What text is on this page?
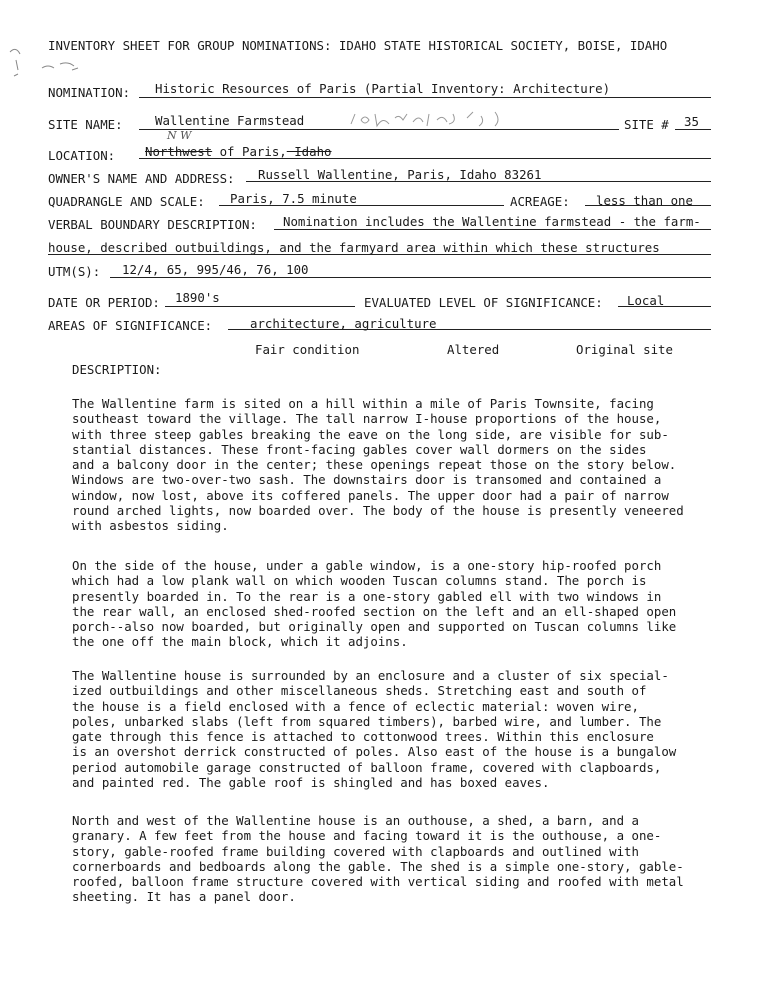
INVENTORY SHEET FOR GROUP NOMINATIONS: IDAHO STATE HISTORICAL SOCIETY, BOISE, IDAHO
NOMINATION: Historic Resources of Paris (Partial Inventory: Architecture)
SITE NAME:	Wallentine Farmstead	SITE # 35
N W
LOCATION: Northwest of Paris, Idaho
OWNER'S NAME AND ADDRESS: Russell Wallentine, Paris, Idaho 83261
QUADRANGLE AND SCALE: Paris, 7.5 minute	ACREAGE: less than one
VERBAL BOUNDARY DESCRIPTION: Nomination includes the Wallentine farmstead - the farm-
house, described outbuildings, and the farmyard area within which these structures
UTM(S): 12/4, 65, 995/46, 76, 100
DATE OR PERIOD: 1890's	EVALUATED LEVEL OF SIGNIFICANCE: Local
AREAS OF SIGNIFICANCE:	architecture, agriculture
Fair condition	Altered	Original site
DESCRIPTION:
The Wallentine farm is sited on a hill within a mile of Paris Townsite, facing
southeast toward the village. The tall narrow I-house proportions of the house,
with three steep gables breaking the eave on the long side, are visible for sub-
stantial distances. These front-facing gables cover wall dormers on the sides
and a balcony door in the center; these openings repeat those on the story below.
Windows are two-over-two sash. The downstairs door is transomed and contained a
window, now lost, above its coffered panels. The upper door had a pair of narrow
round arched lights, now boarded over. The body of the house is presently veneered
with asbestos siding.
On the side of the house, under a gable window, is a one-story hip-roofed porch
which had a low plank wall on which wooden Tuscan columns stand. The porch is
presently boarded in. To the rear is a one-story gabled ell with two windows in
the rear wall, an enclosed shed-roofed section on the left and an ell-shaped open
porch--also now boarded, but originally open and supported on Tuscan columns like
the one off the main block, which it adjoins.
The Wallentine house is surrounded by an enclosure and a cluster of six special-
ized outbuildings and other miscellaneous sheds. Stretching east and south of
the house is a field enclosed with a fence of eclectic material: woven wire,
poles, unbarked slabs (left from squared timbers), barbed wire, and lumber. The
gate through this fence is attached to cottonwood trees. Within this enclosure
is an overshot derrick constructed of poles. Also east of the house is a bungalow
period automobile garage constructed of balloon frame, covered with clapboards,
and painted red. The gable roof is shingled and has boxed eaves.
North and west of the Wallentine house is an outhouse, a shed, a barn, and a
granary. A few feet from the house and facing toward it is the outhouse, a one-
story, gable-roofed frame building covered with clapboards and outlined with
cornerboards and bedboards along the gable. The shed is a simple one-story, gable-
roofed, balloon frame structure covered with vertical siding and roofed with metal
sheeting. It has a panel door.
